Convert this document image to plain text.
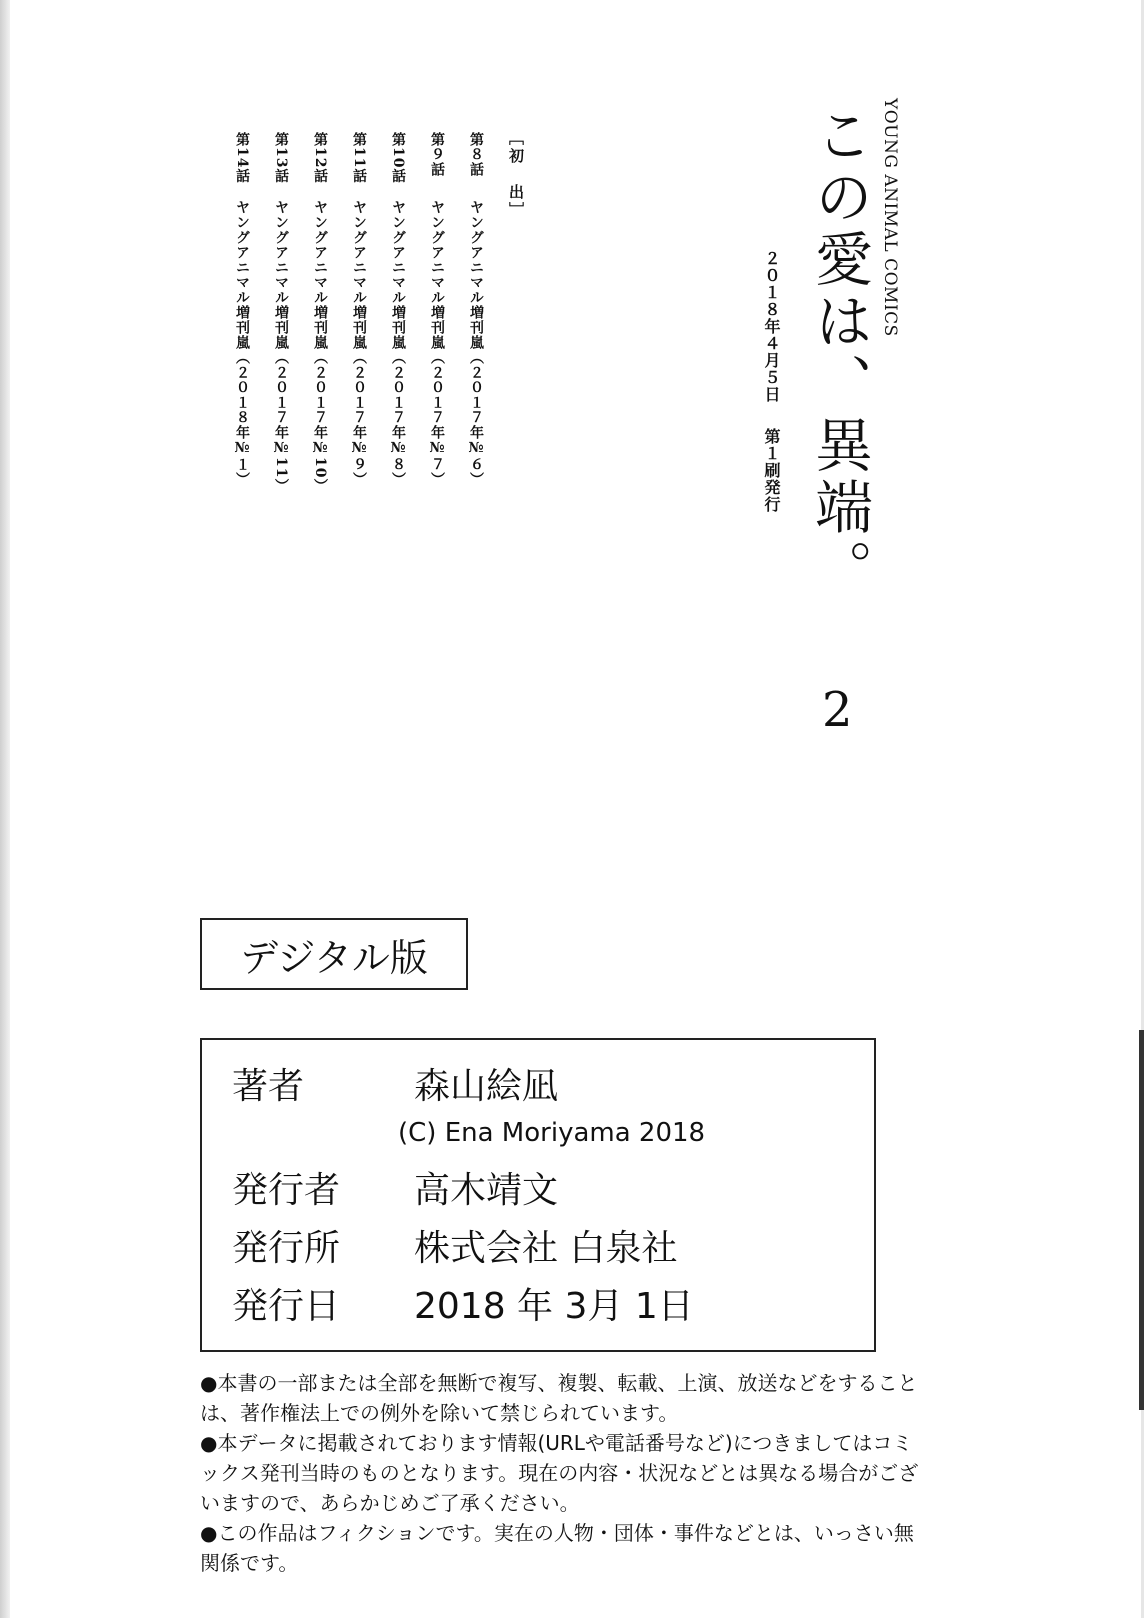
YOUNG ANIMAL COMICS
この愛は、異端。
2
２０１８年４月５日
第１刷発行
［初　出］
第８話
ヤングアニマル増刊嵐（２０１７年№６）
第９話
ヤングアニマル増刊嵐（２０１７年№７）
第10話
ヤングアニマル増刊嵐（２０１７年№８）
第11話
ヤングアニマル増刊嵐（２０１７年№９）
第12話
ヤングアニマル増刊嵐（２０１７年№10）
第13話
ヤングアニマル増刊嵐（２０１７年№11）
第14話
ヤングアニマル増刊嵐（２０１８年№１）
デジタル版
著者	森山絵凪
(C) Ena Moriyama 2018
発行者 高木靖文
発行所 株式会社 白泉社
発行日 2018 年 3月 1日

●本書の一部または全部を無断で複写、複製、転載、上演、放送などをすることは、著作権法上での例外を除いて禁じられています。

●本データに掲載されております情報(URLや電話番号など)につきましてはコミックス発刊当時のものとなります。現在の内容・状況などとは異なる場合がございますので、あらかじめご了承ください。

●この作品はフィクションです。実在の人物・団体・事件などとは、いっさい無関係です。
